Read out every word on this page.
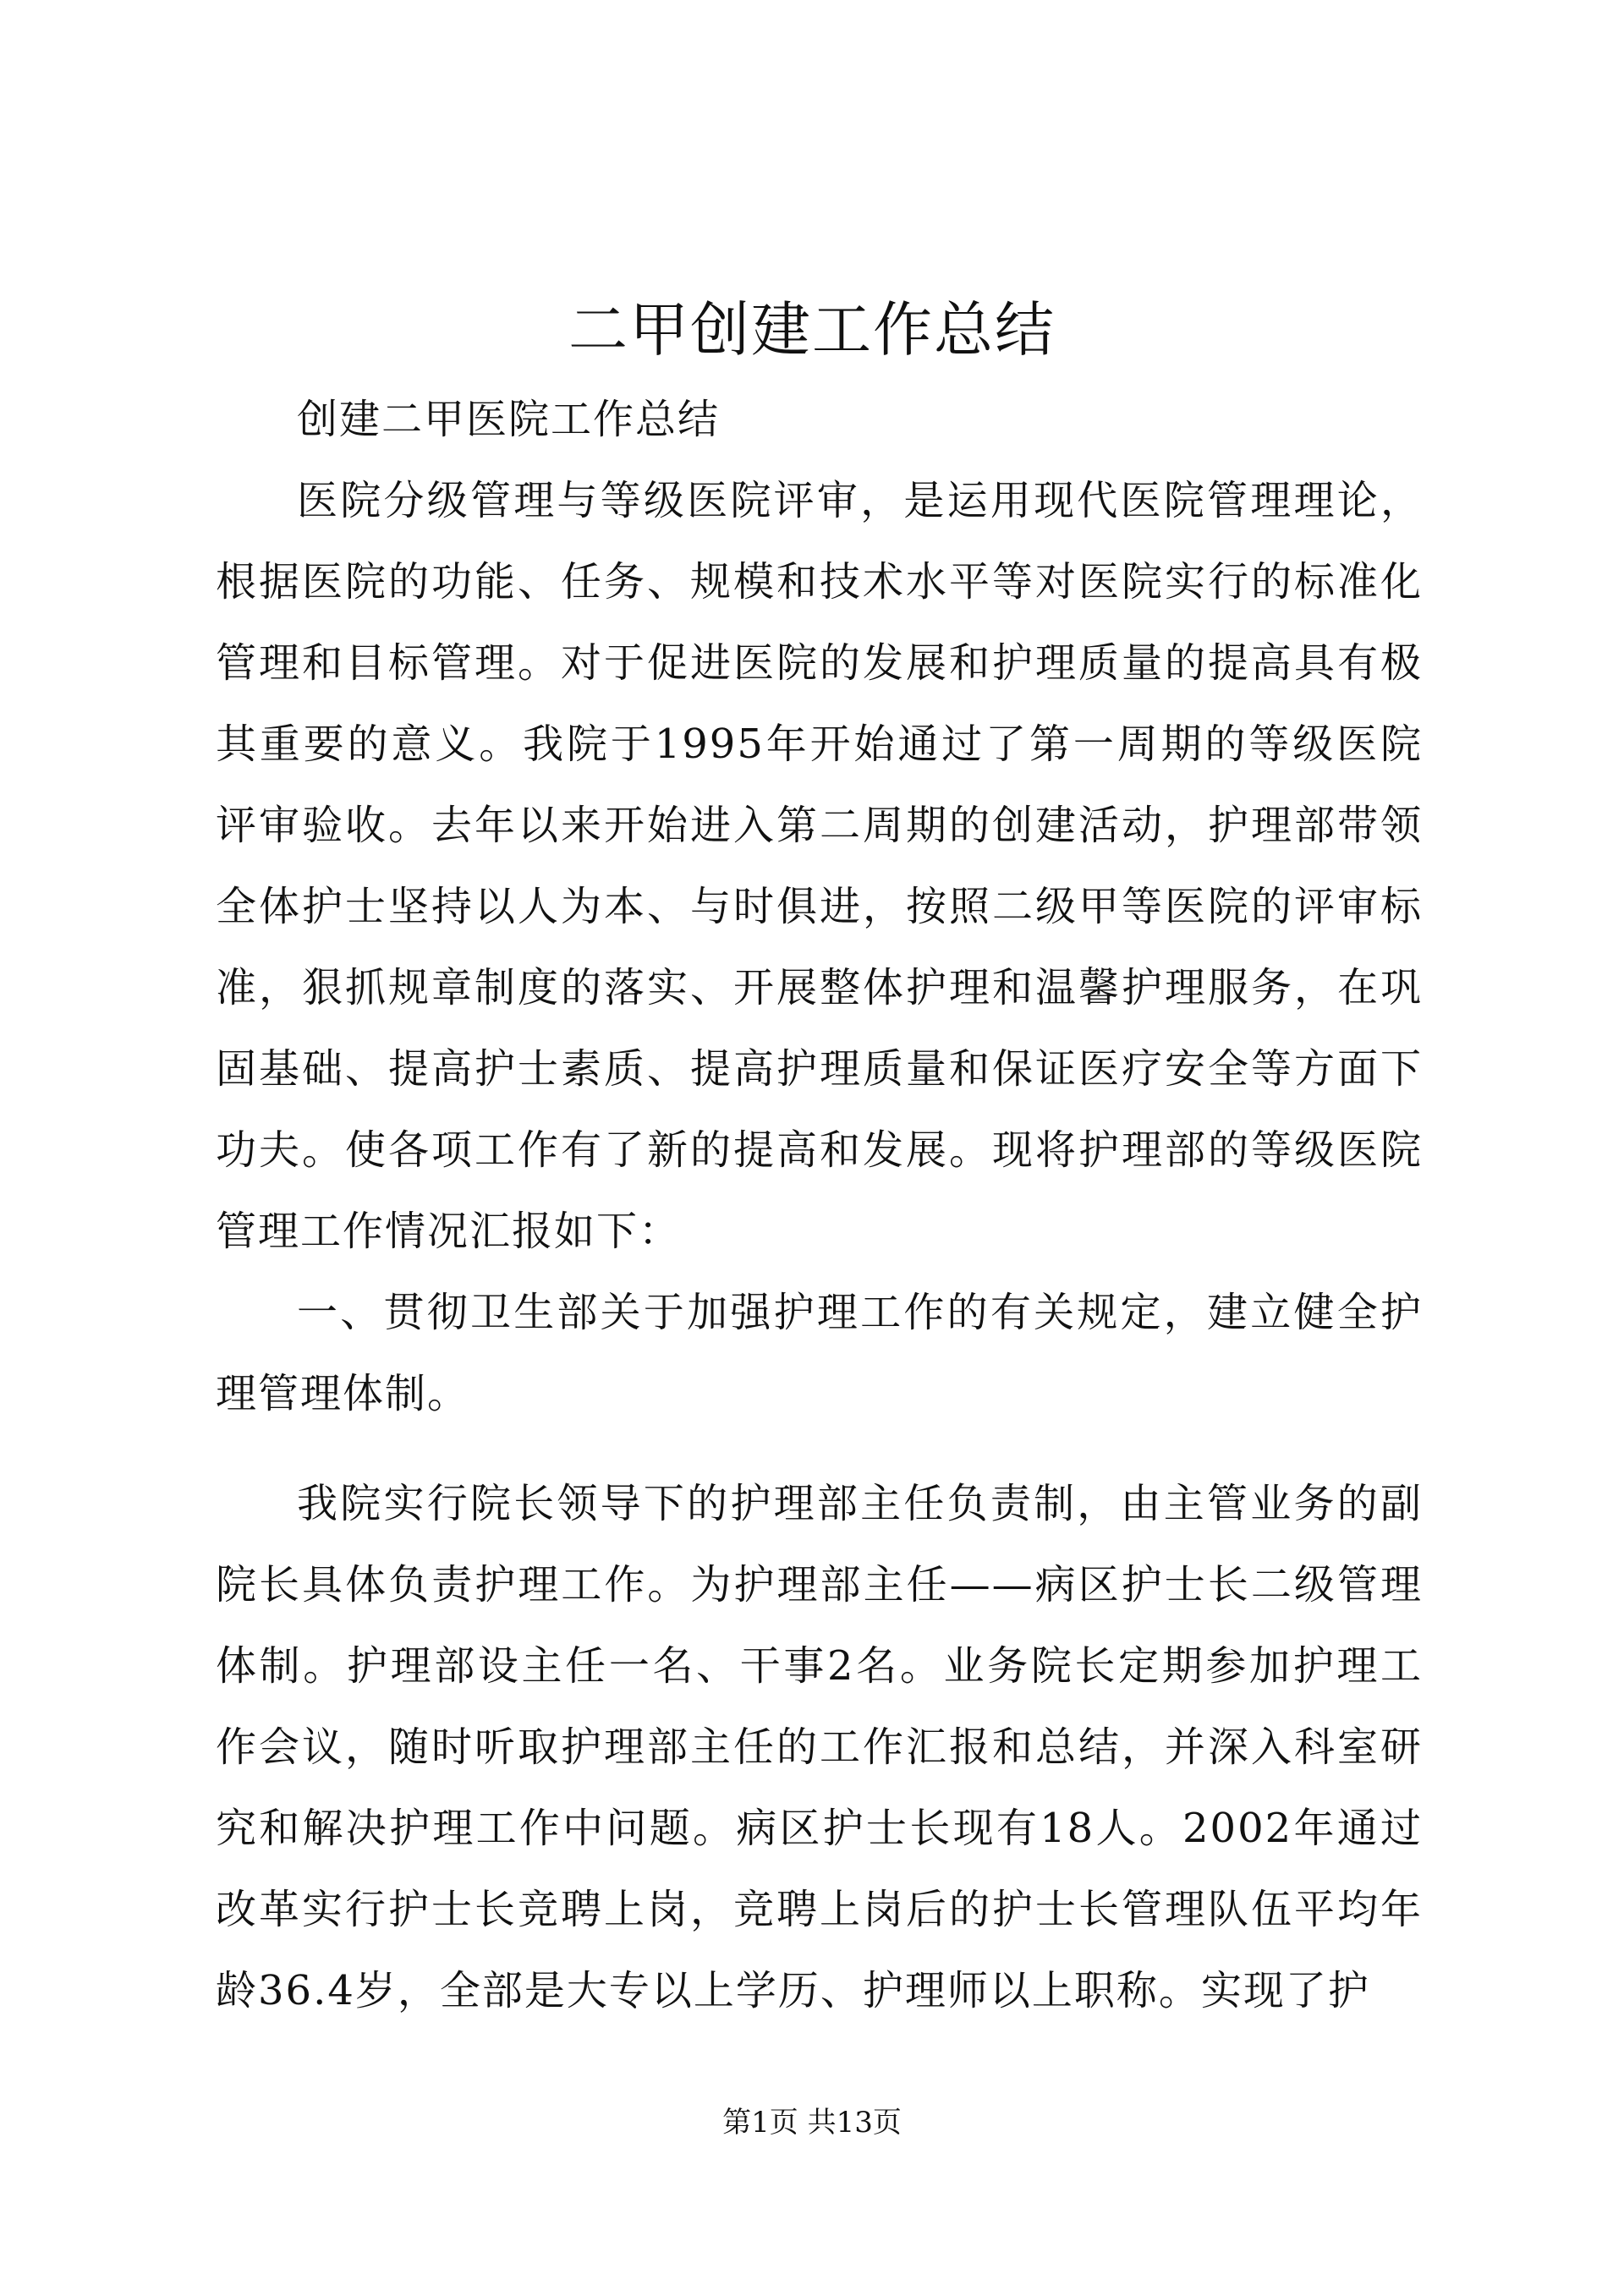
二甲创建工作总结

创建二甲医院工作总结

医院分级管理与等级医院评审，是运用现代医院管理理论，根据医院的功能、任务、规模和技术水平等对医院实行的标准化管理和目标管理。对于促进医院的发展和护理质量的提高具有极其重要的意义。我院于1995年开始通过了第一周期的等级医院评审验收。去年以来开始进入第二周期的创建活动，护理部带领全体护士坚持以人为本、与时俱进，按照二级甲等医院的评审标准，狠抓规章制度的落实、开展整体护理和温馨护理服务，在巩固基础、提高护士素质、提高护理质量和保证医疗安全等方面下功夫。使各项工作有了新的提高和发展。现将护理部的等级医院管理工作情况汇报如下：

一、贯彻卫生部关于加强护理工作的有关规定，建立健全护理管理体制。

我院实行院长领导下的护理部主任负责制，由主管业务的副院长具体负责护理工作。为护理部主任——病区护士长二级管理体制。护理部设主任一名、干事2名。业务院长定期参加护理工作会议，随时听取护理部主任的工作汇报和总结，并深入科室研究和解决护理工作中问题。病区护士长现有18人。2002年通过改革实行护士长竞聘上岗，竞聘上岗后的护士长管理队伍平均年龄36.4岁，全部是大专以上学历、护理师以上职称。实现了护

第1页 共13页
